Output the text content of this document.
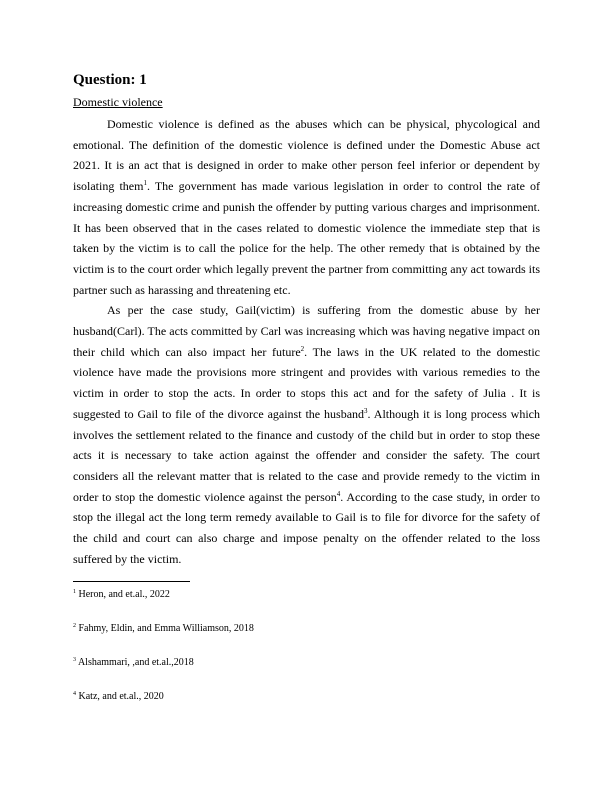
Question: 1
Domestic violence

Domestic violence is defined as the abuses which can be physical, phycological and emotional. The definition of the domestic violence is defined under the Domestic Abuse act 2021. It is an act that is designed in order to make other person feel inferior or dependent by isolating them$^1$. The government has made various legislation in order to control the rate of increasing domestic crime and punish the offender by putting various charges and imprisonment. It has been observed that in the cases related to domestic violence the immediate step that is taken by the victim is to call the police for the help. The other remedy that is obtained by the victim is to the court order which legally prevent the partner from committing any act towards its partner such as harassing and threatening etc.

As per the case study, Gail(victim) is suffering from the domestic abuse by her husband(Carl). The acts committed by Carl was increasing which was having negative impact on their child which can also impact her future$^2$. The laws in the UK related to the domestic violence have made the provisions more stringent and provides with various remedies to the victim in order to stop the acts. In order to stops this act and for the safety of Julia . It is suggested to Gail to file of the divorce against the husband$^3$. Although it is long process which involves the settlement related to the finance and custody of the child but in order to stop these acts it is necessary to take action against the offender and consider the safety. The court considers all the relevant matter that is related to the case and provide remedy to the victim in order to stop the domestic violence against the person$^4$. According to the case study, in order to stop the illegal act the long term remedy available to Gail is to file for divorce for the safety of the child and court can also charge and impose penalty on the offender related to the loss suffered by the victim.

$^1$ Heron, and et.al., 2022
$^2$ Fahmy, Eldin, and Emma Williamson, 2018
$^3$ Alshammari, ,and et.al.,2018
$^4$ Katz, and et.al., 2020
